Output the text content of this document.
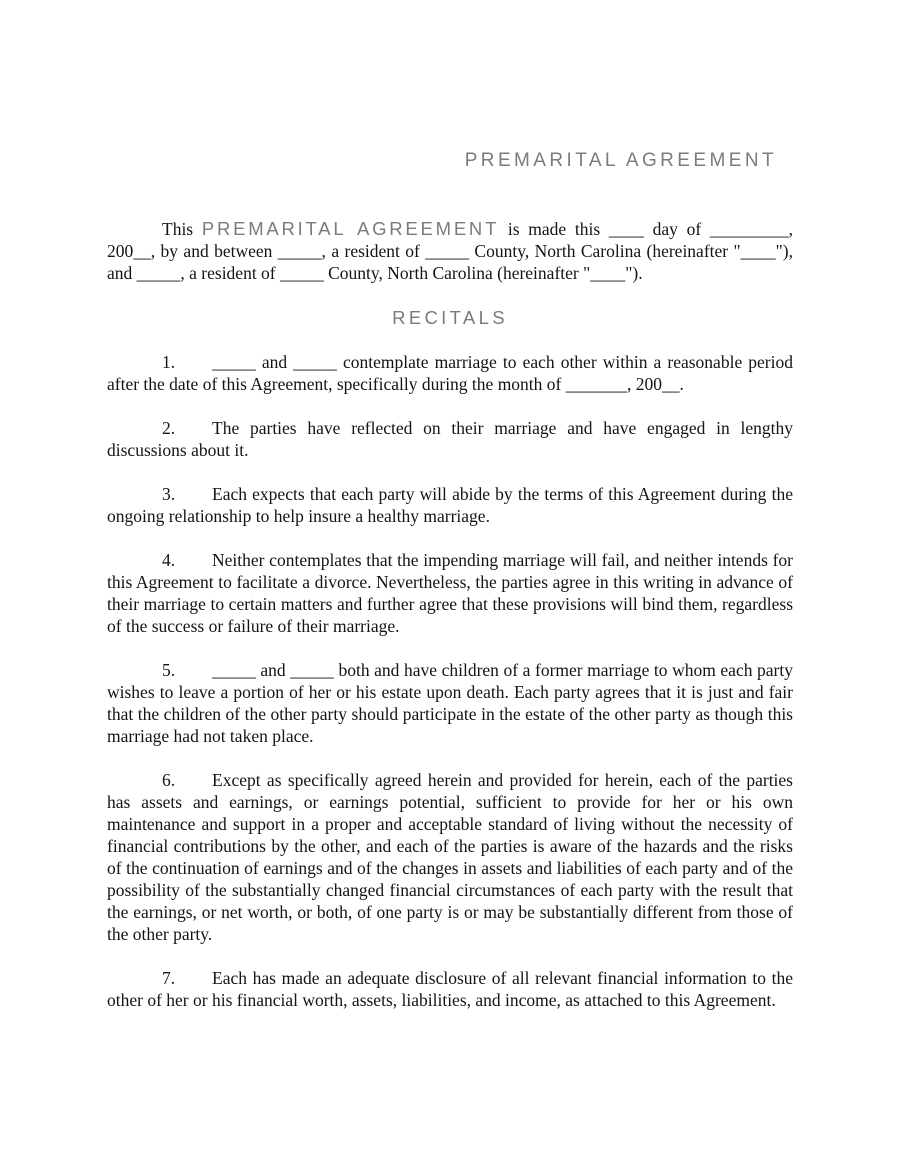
PREMARITAL AGREEMENT

This PREMARITAL AGREEMENT is made this ____ day of _________, 200__, by and between _____, a resident of _____ County, North Carolina (hereinafter "____"), and _____, a resident of _____ County, North Carolina (hereinafter "____").

RECITALS

1. _____ and _____ contemplate marriage to each other within a reasonable period after the date of this Agreement, specifically during the month of _______, 200__.

2. The parties have reflected on their marriage and have engaged in lengthy discussions about it.

3. Each expects that each party will abide by the terms of this Agreement during the ongoing relationship to help insure a healthy marriage.

4. Neither contemplates that the impending marriage will fail, and neither intends for this Agreement to facilitate a divorce. Nevertheless, the parties agree in this writing in advance of their marriage to certain matters and further agree that these provisions will bind them, regardless of the success or failure of their marriage.

5. _____ and _____ both and have children of a former marriage to whom each party wishes to leave a portion of her or his estate upon death. Each party agrees that it is just and fair that the children of the other party should participate in the estate of the other party as though this marriage had not taken place.

6. Except as specifically agreed herein and provided for herein, each of the parties has assets and earnings, or earnings potential, sufficient to provide for her or his own maintenance and support in a proper and acceptable standard of living without the necessity of financial contributions by the other, and each of the parties is aware of the hazards and the risks of the continuation of earnings and of the changes in assets and liabilities of each party and of the possibility of the substantially changed financial circumstances of each party with the result that the earnings, or net worth, or both, of one party is or may be substantially different from those of the other party.

7. Each has made an adequate disclosure of all relevant financial information to the other of her or his financial worth, assets, liabilities, and income, as attached to this Agreement.
